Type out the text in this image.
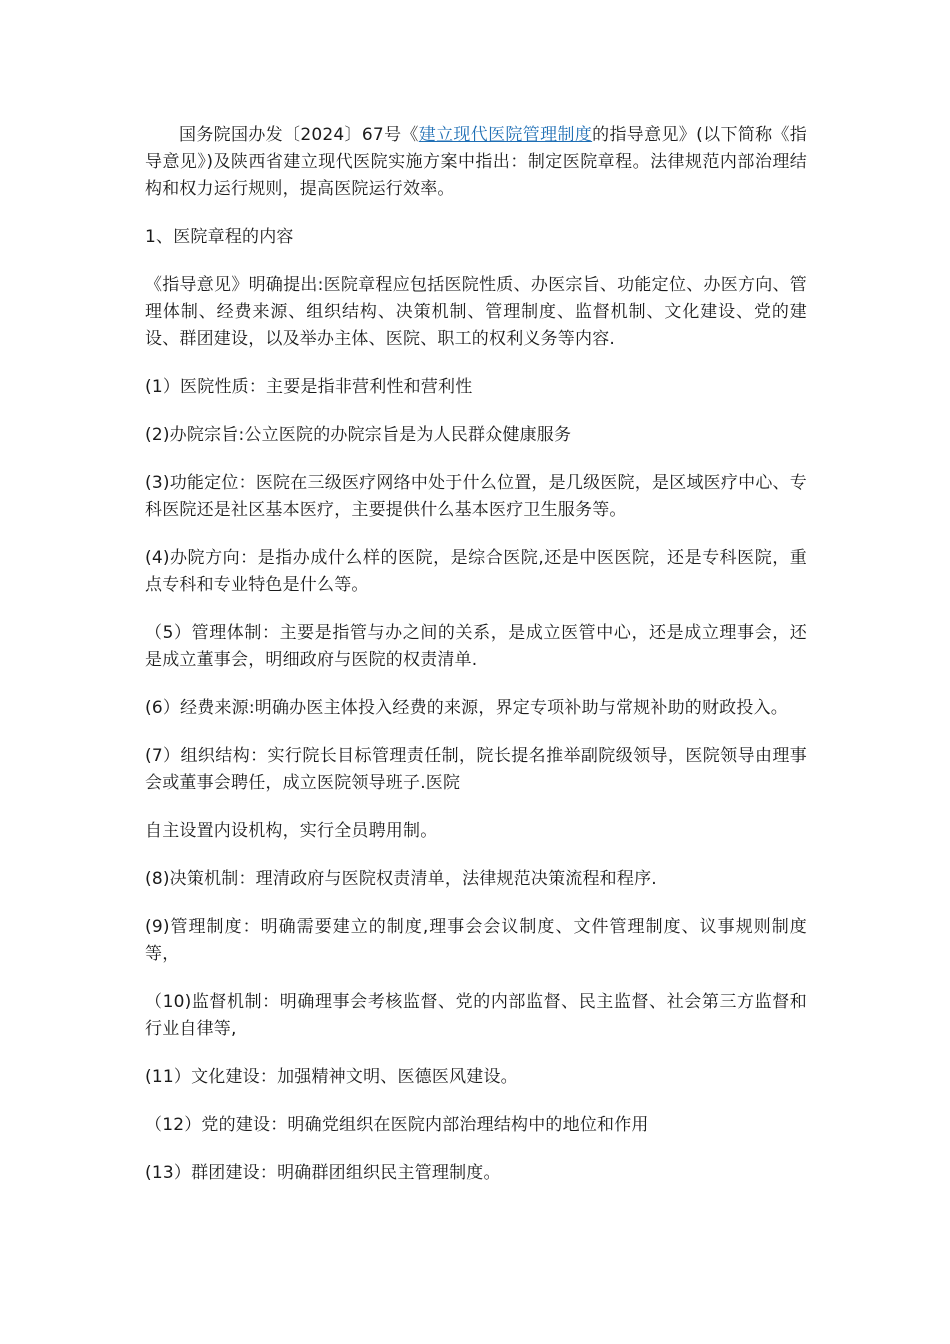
国务院国办发〔2024〕67号《建立现代医院管理制度的指导意见》(以下简称《指导意见》)及陕西省建立现代医院实施方案中指出：制定医院章程。法律规范内部治理结构和权力运行规则，提高医院运行效率。

1、医院章程的内容

《指导意见》明确提出:医院章程应包括医院性质、办医宗旨、功能定位、办医方向、管理体制、经费来源、组织结构、决策机制、管理制度、监督机制、文化建设、党的建设、群团建设，以及举办主体、医院、职工的权利义务等内容.

(1）医院性质：主要是指非营利性和营利性

(2)办院宗旨:公立医院的办院宗旨是为人民群众健康服务

(3)功能定位：医院在三级医疗网络中处于什么位置，是几级医院，是区域医疗中心、专科医院还是社区基本医疗，主要提供什么基本医疗卫生服务等。

(4)办院方向：是指办成什么样的医院，是综合医院,还是中医医院，还是专科医院，重点专科和专业特色是什么等。

（5）管理体制：主要是指管与办之间的关系，是成立医管中心，还是成立理事会，还是成立董事会，明细政府与医院的权责清单.

(6）经费来源:明确办医主体投入经费的来源，界定专项补助与常规补助的财政投入。

(7）组织结构：实行院长目标管理责任制，院长提名推举副院级领导，医院领导由理事会或董事会聘任，成立医院领导班子.医院

自主设置内设机构，实行全员聘用制。

(8)决策机制：理清政府与医院权责清单，法律规范决策流程和程序.

(9)管理制度：明确需要建立的制度,理事会会议制度、文件管理制度、议事规则制度等，

（10)监督机制：明确理事会考核监督、党的内部监督、民主监督、社会第三方监督和行业自律等,

(11）文化建设：加强精神文明、医德医风建设。

（12）党的建设：明确党组织在医院内部治理结构中的地位和作用

(13）群团建设：明确群团组织民主管理制度。
